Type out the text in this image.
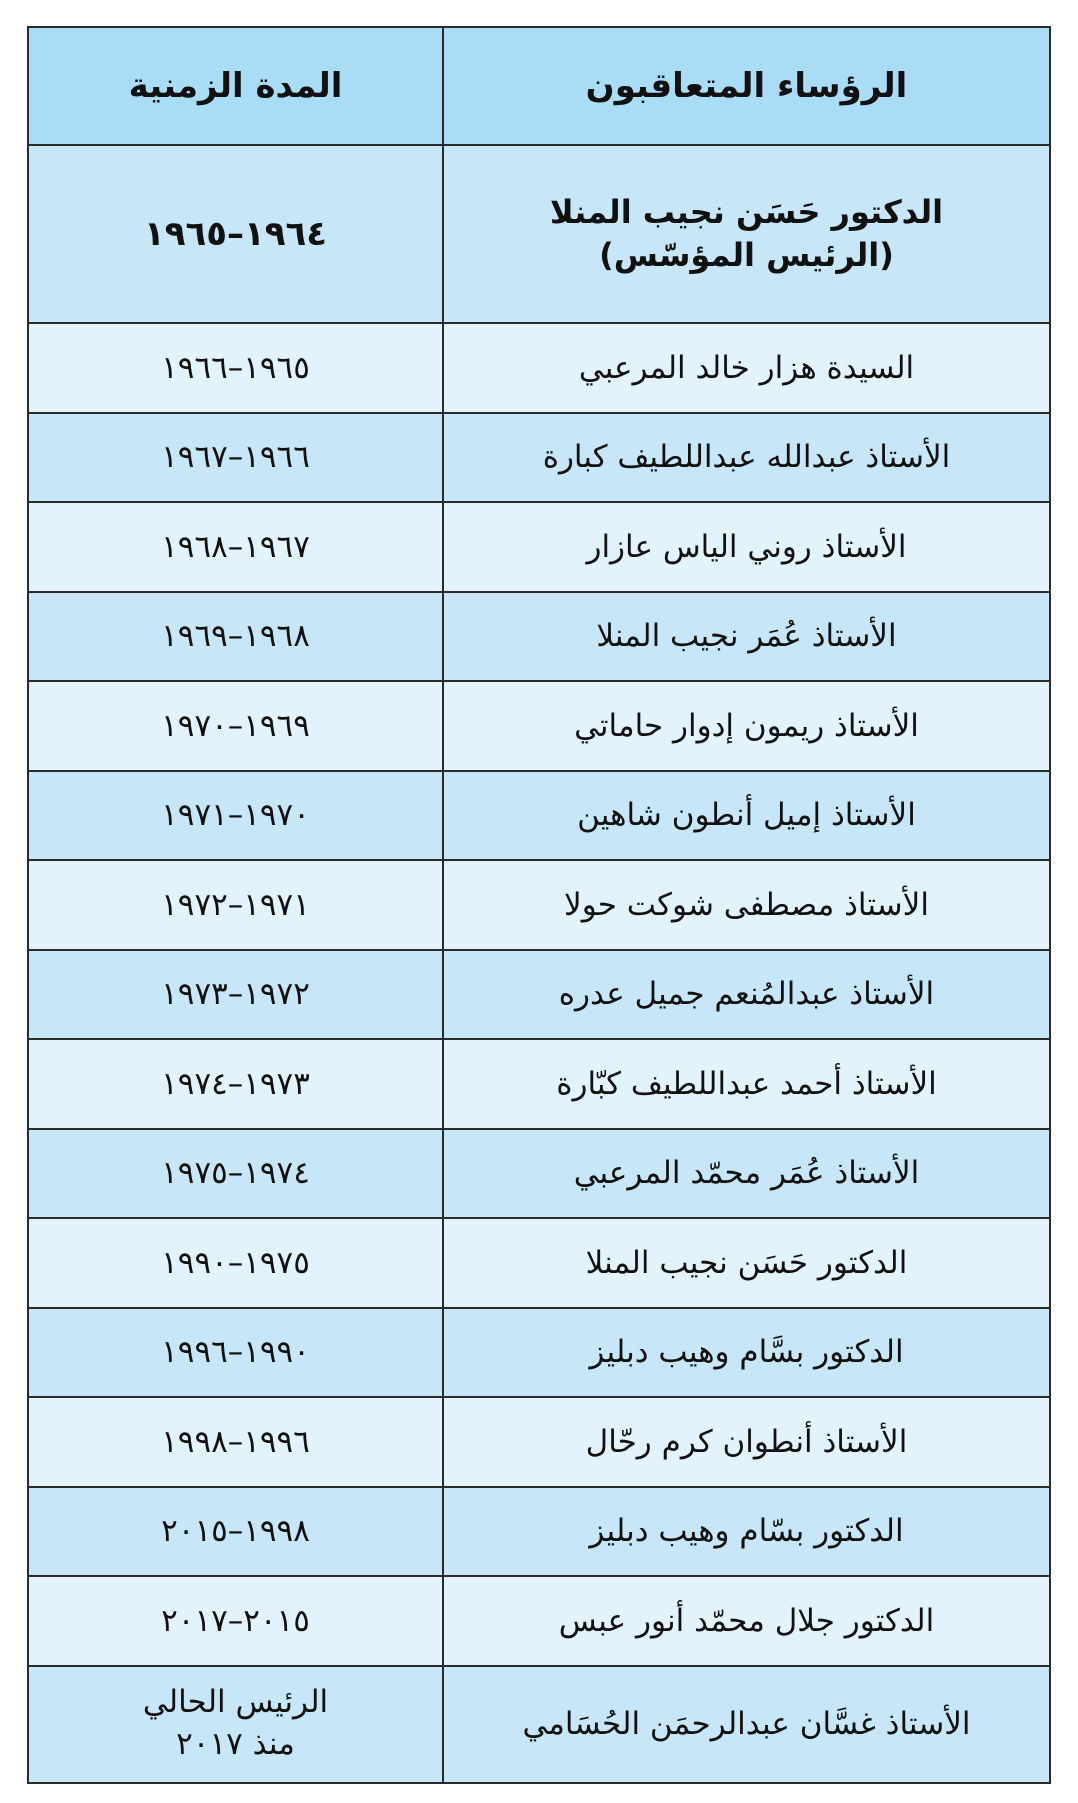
الرؤساء المتعاقبون	المدة الزمنية

الدكتور حَسَن نجيب المنلا
(الرئيس المؤسّس)	١٩٦٤–١٩٦٥
السيدة هزار خالد المرعبي	١٩٦٥–١٩٦٦
الأستاذ عبدالله عبداللطيف كبارة	١٩٦٦–١٩٦٧
الأستاذ روني الياس عازار	١٩٦٧–١٩٦٨
الأستاذ عُمَر نجيب المنلا	١٩٦٨–١٩٦٩
الأستاذ ريمون إدوار حاماتي	١٩٦٩–١٩٧٠
الأستاذ إميل أنطون شاهين	١٩٧٠–١٩٧١
الأستاذ مصطفى شوكت حولا	١٩٧١–١٩٧٢
الأستاذ عبدالمُنعم جميل عدره	١٩٧٢–١٩٧٣
الأستاذ أحمد عبداللطيف كبّارة	١٩٧٣–١٩٧٤
الأستاذ عُمَر محمّد المرعبي	١٩٧٤–١٩٧٥
الدكتور حَسَن نجيب المنلا	١٩٧٥–١٩٩٠
الدكتور بسَّام وهيب دبليز	١٩٩٠–١٩٩٦
الأستاذ أنطوان كرم رحّال	١٩٩٦–١٩٩٨
الدكتور بسّام وهيب دبليز	١٩٩٨–٢٠١٥
الدكتور جلال محمّد أنور عبس	٢٠١٥–٢٠١٧
الأستاذ غسَّان عبدالرحمَن الحُسَامي	الرئيس الحالي
منذ ٢٠١٧
